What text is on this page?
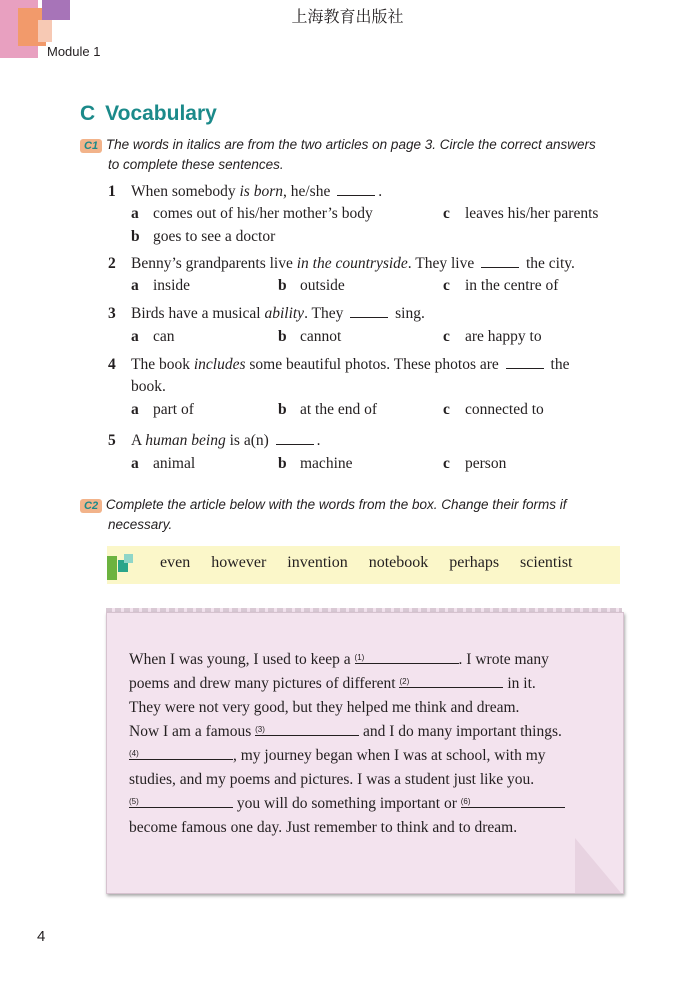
上海教育出版社
Module 1
C Vocabulary
C1 The words in italics are from the two articles on page 3. Circle the correct answers
to complete these sentences.
1 When somebody is born, he/she	.
a comes out of his/her mother’s body	c leaves his/her parents
b goes to see a doctor
2 Benny’s grandparents live in the countryside. They live	the city.
a inside	b outside	c in the centre of
3 Birds have a musical ability. They	sing.
a can	b cannot	c are happy to
4 The book includes some beautiful photos. These photos are	the
book.
a part of	b at the end of	c connected to
5 A human being is a(n)	.
a animal	b machine	c person
C2 Complete the article below with the words from the box. Change their forms if
necessary.
even however invention notebook perhaps scientist
When I was young, I used to keep a (1)	. I wrote many
poems and drew many pictures of different (2)	in it.
They were not very good, but they helped me think and dream.
Now I am a famous (3)	and I do many important things.
(4)	, my journey began when I was at school, with my
studies, and my poems and pictures. I was a student just like you.
(5)	you will do something important or (6)
become famous one day. Just remember to think and to dream.
4
